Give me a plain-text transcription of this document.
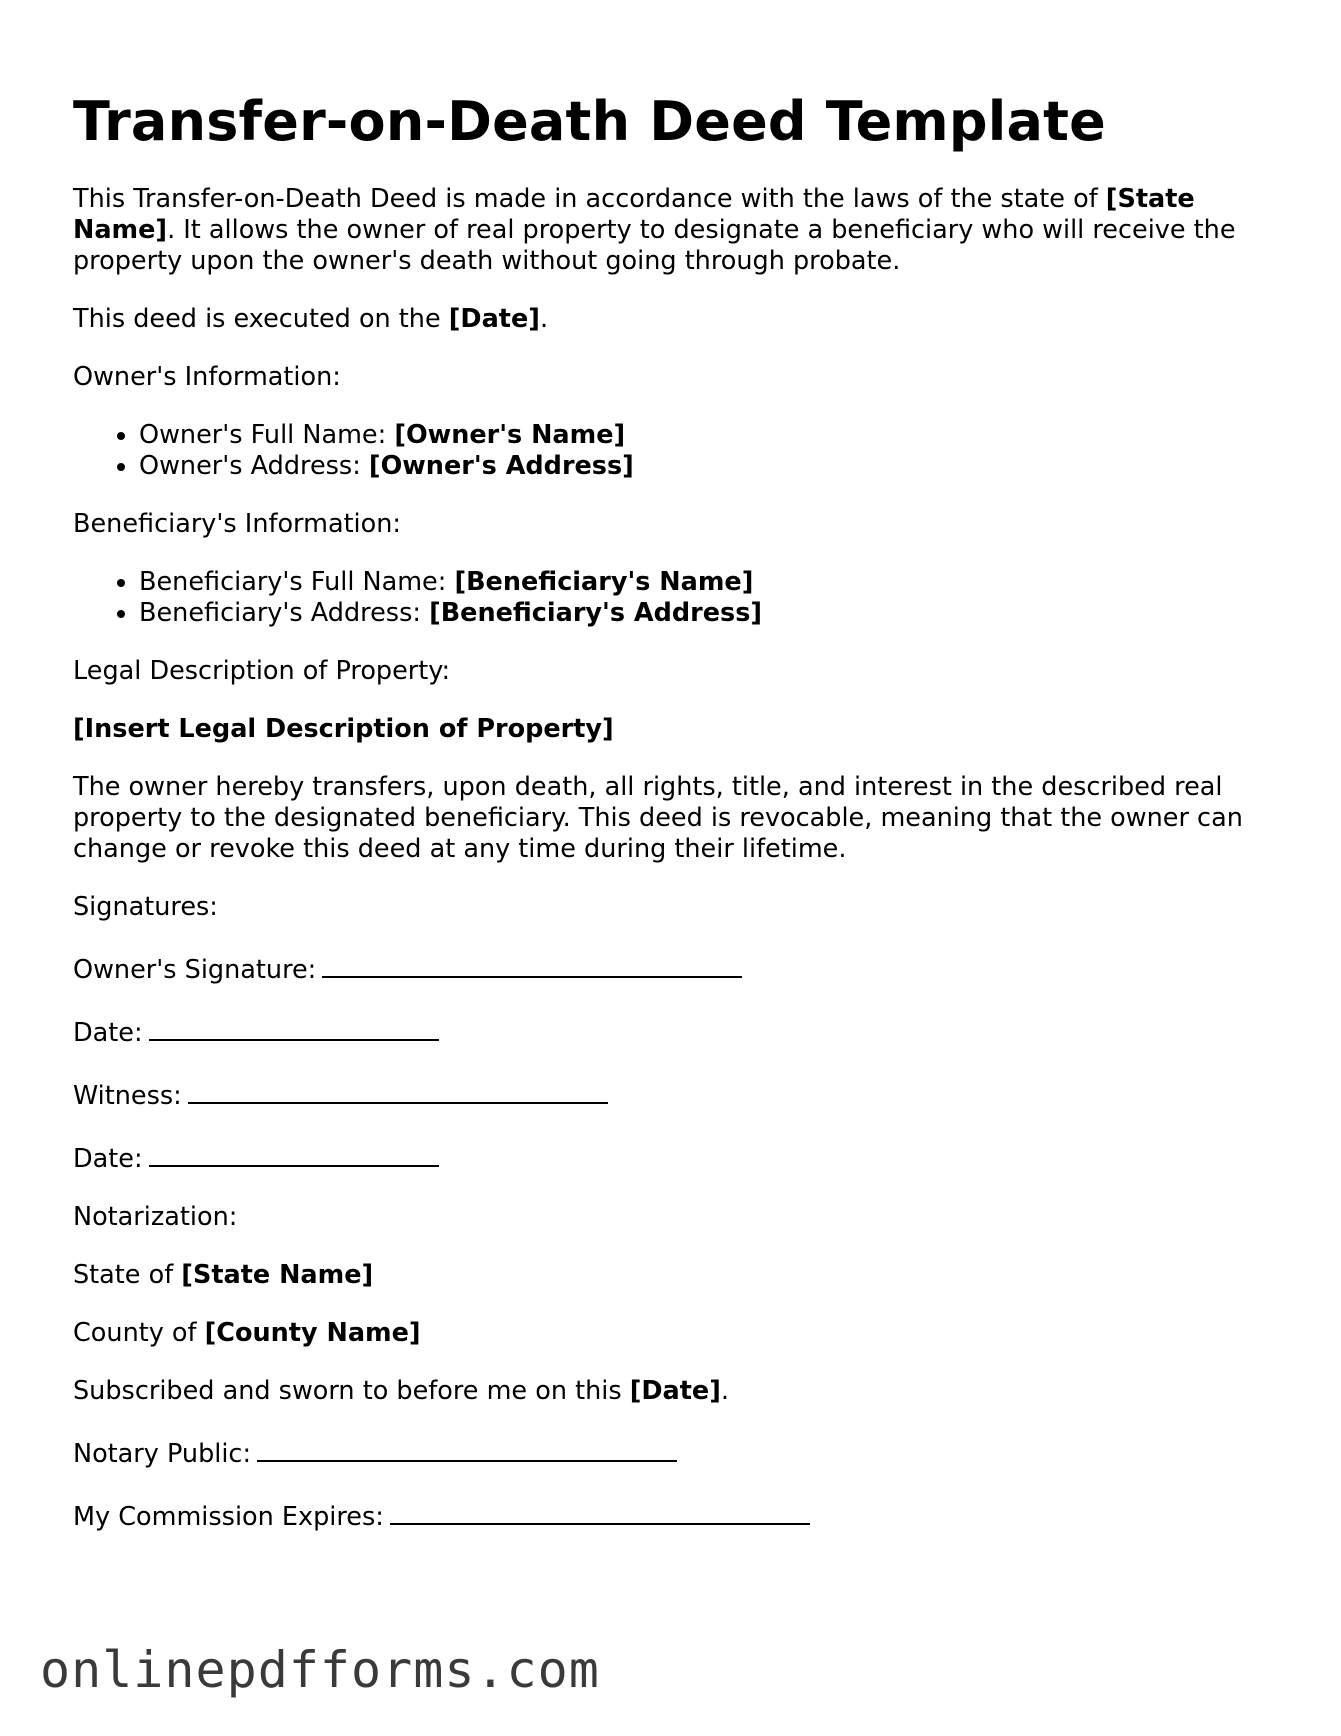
Transfer-on-Death Deed Template

This Transfer-on-Death Deed is made in accordance with the laws of the state of [State Name]. It allows the owner of real property to designate a beneficiary who will receive the property upon the owner's death without going through probate.

This deed is executed on the [Date].

Owner's Information:

• Owner's Full Name: [Owner's Name]
• Owner's Address: [Owner's Address]

Beneficiary's Information:

• Beneficiary's Full Name: [Beneficiary's Name]
• Beneficiary's Address: [Beneficiary's Address]

Legal Description of Property:

[Insert Legal Description of Property]

The owner hereby transfers, upon death, all rights, title, and interest in the described real property to the designated beneficiary. This deed is revocable, meaning that the owner can change or revoke this deed at any time during their lifetime.

Signatures:

Owner's Signature:

Date:

Witness:

Date:

Notarization:

State of [State Name]

County of [County Name]

Subscribed and sworn to before me on this [Date].

Notary Public:

My Commission Expires:

onlinepdfforms.com
